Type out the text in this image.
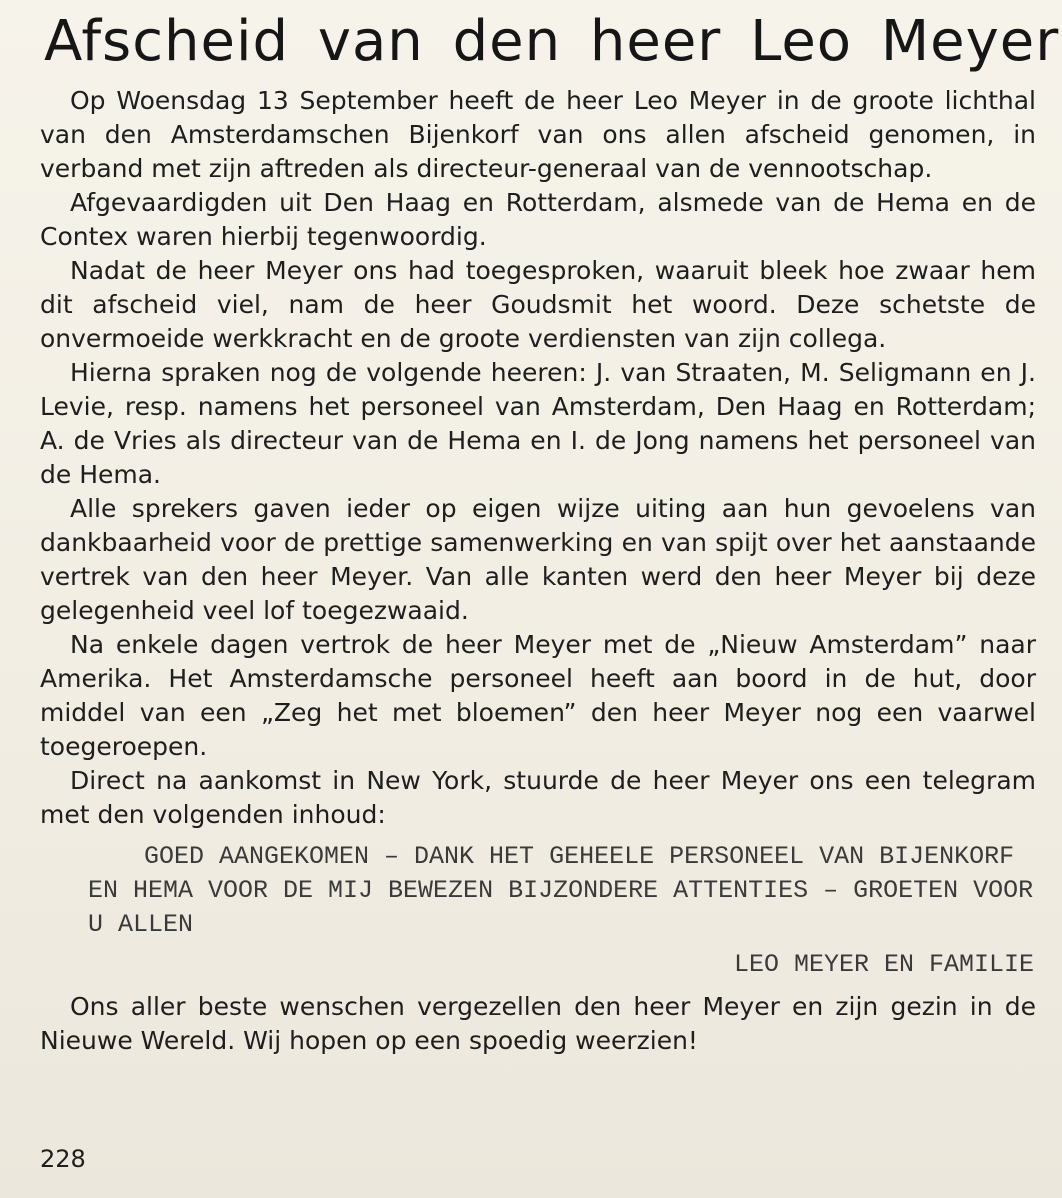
Afscheid van den heer Leo Meyer

Op Woensdag 13 September heeft de heer Leo Meyer in de groote lichthal van den Amsterdamschen Bijenkorf van ons allen afscheid genomen, in verband met zijn aftreden als directeur-generaal van de vennootschap.

Afgevaardigden uit Den Haag en Rotterdam, alsmede van de Hema en de Contex waren hierbij tegenwoordig.

Nadat de heer Meyer ons had toegesproken, waaruit bleek hoe zwaar hem dit afscheid viel, nam de heer Goudsmit het woord. Deze schetste de onvermoeide werkkracht en de groote verdiensten van zijn collega.

Hierna spraken nog de volgende heeren: J. van Straaten, M. Seligmann en J. Levie, resp. namens het personeel van Amsterdam, Den Haag en Rotterdam; A. de Vries als directeur van de Hema en I. de Jong namens het personeel van de Hema.

Alle sprekers gaven ieder op eigen wijze uiting aan hun gevoelens van dankbaarheid voor de prettige samenwerking en van spijt over het aanstaande vertrek van den heer Meyer. Van alle kanten werd den heer Meyer bij deze gelegenheid veel lof toegezwaaid.

Na enkele dagen vertrok de heer Meyer met de „Nieuw Amsterdam” naar Amerika. Het Amsterdamsche personeel heeft aan boord in de hut, door middel van een „Zeg het met bloemen” den heer Meyer nog een vaarwel toegeroepen.

Direct na aankomst in New York, stuurde de heer Meyer ons een telegram met den volgenden inhoud:

GOED AANGEKOMEN – DANK HET GEHEELE PERSONEEL VAN BIJENKORF EN HEMA VOOR DE MIJ BEWEZEN BIJZONDERE ATTENTIES – GROETEN VOOR U ALLEN

LEO MEYER EN FAMILIE

Ons aller beste wenschen vergezellen den heer Meyer en zijn gezin in de Nieuwe Wereld. Wij hopen op een spoedig weerzien!

228
